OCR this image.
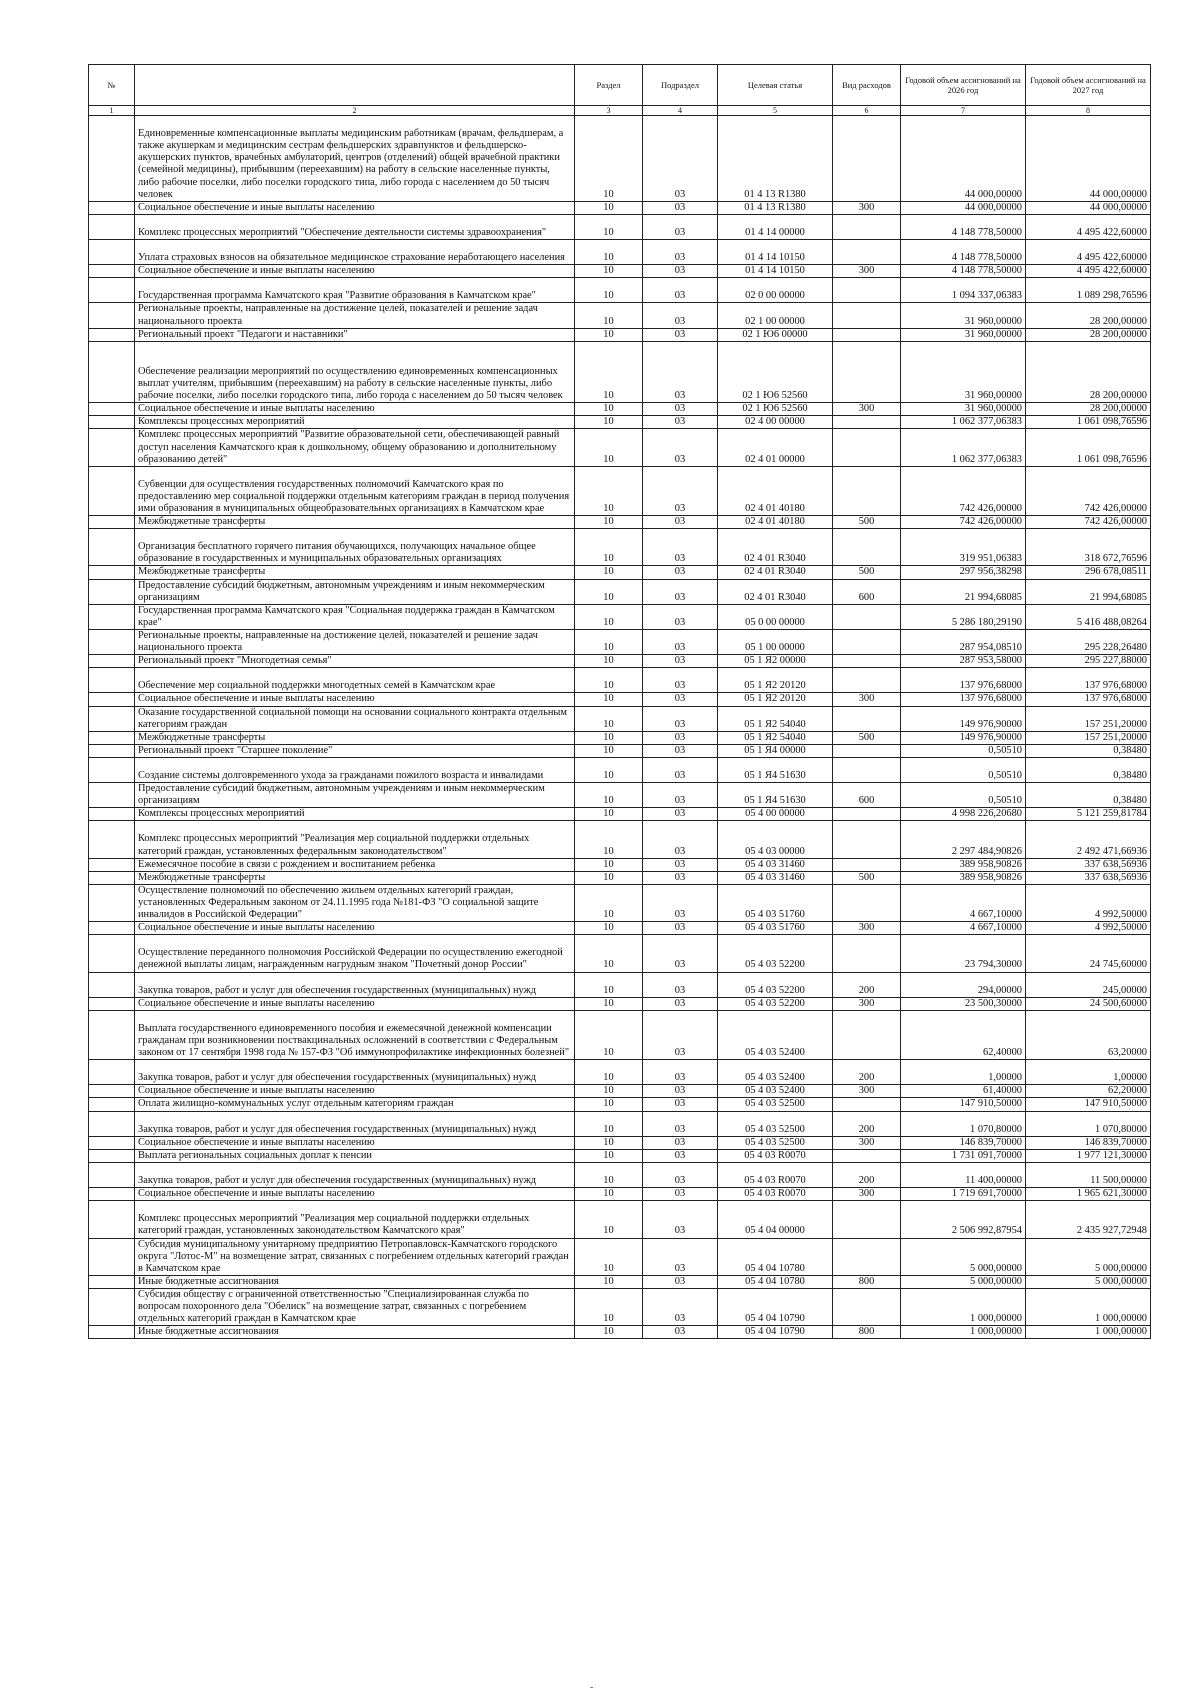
№		Раздел	Подраздел	Целевая статья	Вид расходов	Годовой объем ассигнований на 2026 год	Годовой объем ассигнований на 2027 год
1	2	3	4	5	6	7	8
	Единовременные компенсационные выплаты медицинским работникам (врачам, фельдшерам, а также акушеркам и медицинским сестрам фельдшерских здравпунктов и фельдшерско-акушерских пунктов, врачебных амбулаторий, центров (отделений) общей врачебной практики (семейной медицины), прибывшим (переехавшим) на работу в сельские населенные пункты, либо рабочие поселки, либо поселки городского типа, либо города с населением до 50 тысяч человек	10	03	01 4 13 R1380		44 000,00000	44 000,00000
	Социальное обеспечение и иные выплаты населению	10	03	01 4 13 R1380	300	44 000,00000	44 000,00000
	Комплекс процессных мероприятий "Обеспечение деятельности системы здравоохранения"	10	03	01 4 14 00000		4 148 778,50000	4 495 422,60000
	Уплата страховых взносов на обязательное медицинское страхование неработающего населения	10	03	01 4 14 10150		4 148 778,50000	4 495 422,60000
	Социальное обеспечение и иные выплаты населению	10	03	01 4 14 10150	300	4 148 778,50000	4 495 422,60000
	Государственная программа Камчатского края "Развитие образования в Камчатском крае"	10	03	02 0 00 00000		1 094 337,06383	1 089 298,76596
	Региональные проекты, направленные на достижение целей, показателей и решение задач национального проекта	10	03	02 1 00 00000		31 960,00000	28 200,00000
	Региональный проект "Педагоги и наставники"	10	03	02 1 Ю6 00000		31 960,00000	28 200,00000
	Обеспечение реализации мероприятий по осуществлению единовременных компенсационных выплат учителям, прибывшим (переехавшим) на работу в сельские населенные пункты, либо рабочие поселки, либо поселки городского типа, либо города с населением до 50 тысяч человек	10	03	02 1 Ю6 52560		31 960,00000	28 200,00000
	Социальное обеспечение и иные выплаты населению	10	03	02 1 Ю6 52560	300	31 960,00000	28 200,00000
	Комплексы процессных мероприятий	10	03	02 4 00 00000		1 062 377,06383	1 061 098,76596
	Комплекс процессных мероприятий "Развитие образовательной сети, обеспечивающей равный доступ населения Камчатского края к дошкольному, общему образованию и дополнительному образованию детей"	10	03	02 4 01 00000		1 062 377,06383	1 061 098,76596
	Субвенции для осуществления государственных полномочий Камчатского края по предоставлению мер социальной поддержки отдельным категориям граждан в период получения ими образования в муниципальных общеобразовательных организациях в Камчатском крае	10	03	02 4 01 40180		742 426,00000	742 426,00000
	Межбюджетные трансферты	10	03	02 4 01 40180	500	742 426,00000	742 426,00000
	Организация бесплатного горячего питания обучающихся, получающих начальное общее образование в государственных и муниципальных образовательных организациях	10	03	02 4 01 R3040		319 951,06383	318 672,76596
	Межбюджетные трансферты	10	03	02 4 01 R3040	500	297 956,38298	296 678,08511
	Предоставление субсидий бюджетным, автономным учреждениям и иным некоммерческим организациям	10	03	02 4 01 R3040	600	21 994,68085	21 994,68085
	Государственная программа Камчатского края "Социальная поддержка граждан в Камчатском крае"	10	03	05 0 00 00000		5 286 180,29190	5 416 488,08264
	Региональные проекты, направленные на достижение целей, показателей и решение задач национального проекта	10	03	05 1 00 00000		287 954,08510	295 228,26480
	Региональный проект "Многодетная семья"	10	03	05 1 Я2 00000		287 953,58000	295 227,88000
	Обеспечение мер социальной поддержки многодетных семей в Камчатском крае	10	03	05 1 Я2 20120		137 976,68000	137 976,68000
	Социальное обеспечение и иные выплаты населению	10	03	05 1 Я2 20120	300	137 976,68000	137 976,68000
	Оказание государственной социальной помощи на основании социального контракта отдельным категориям граждан	10	03	05 1 Я2 54040		149 976,90000	157 251,20000
	Межбюджетные трансферты	10	03	05 1 Я2 54040	500	149 976,90000	157 251,20000
	Региональный проект "Старшее поколение"	10	03	05 1 Я4 00000		0,50510	0,38480
	Создание системы долговременного ухода за гражданами пожилого возраста и инвалидами	10	03	05 1 Я4 51630		0,50510	0,38480
	Предоставление субсидий бюджетным, автономным учреждениям и иным некоммерческим организациям	10	03	05 1 Я4 51630	600	0,50510	0,38480
	Комплексы процессных мероприятий	10	03	05 4 00 00000		4 998 226,20680	5 121 259,81784
	Комплекс процессных мероприятий "Реализация мер социальной поддержки отдельных категорий граждан, установленных федеральным законодательством"	10	03	05 4 03 00000		2 297 484,90826	2 492 471,66936
	Ежемесячное пособие в связи с рождением и воспитанием ребенка	10	03	05 4 03 31460		389 958,90826	337 638,56936
	Межбюджетные трансферты	10	03	05 4 03 31460	500	389 958,90826	337 638,56936
	Осуществление полномочий по обеспечению жильем отдельных категорий граждан, установленных Федеральным законом от 24.11.1995 года №181-ФЗ "О социальной защите инвалидов в Российской Федерации"	10	03	05 4 03 51760		4 667,10000	4 992,50000
	Социальное обеспечение и иные выплаты населению	10	03	05 4 03 51760	300	4 667,10000	4 992,50000
	Осуществление переданного полномочия Российской Федерации по осуществлению ежегодной денежной выплаты лицам, награжденным нагрудным знаком "Почетный донор России"	10	03	05 4 03 52200		23 794,30000	24 745,60000
	Закупка товаров, работ и услуг для обеспечения государственных (муниципальных) нужд	10	03	05 4 03 52200	200	294,00000	245,00000
	Социальное обеспечение и иные выплаты населению	10	03	05 4 03 52200	300	23 500,30000	24 500,60000
	Выплата государственного единовременного пособия и ежемесячной денежной компенсации гражданам при возникновении поствакцинальных осложнений в соответствии с Федеральным законом от 17 сентября 1998 года № 157-ФЗ "Об иммунопрофилактике инфекционных болезней"	10	03	05 4 03 52400		62,40000	63,20000
	Закупка товаров, работ и услуг для обеспечения государственных (муниципальных) нужд	10	03	05 4 03 52400	200	1,00000	1,00000
	Социальное обеспечение и иные выплаты населению	10	03	05 4 03 52400	300	61,40000	62,20000
	Оплата жилищно-коммунальных услуг отдельным категориям граждан	10	03	05 4 03 52500		147 910,50000	147 910,50000
	Закупка товаров, работ и услуг для обеспечения государственных (муниципальных) нужд	10	03	05 4 03 52500	200	1 070,80000	1 070,80000
	Социальное обеспечение и иные выплаты населению	10	03	05 4 03 52500	300	146 839,70000	146 839,70000
	Выплата региональных социальных доплат к пенсии	10	03	05 4 03 R0070		1 731 091,70000	1 977 121,30000
	Закупка товаров, работ и услуг для обеспечения государственных (муниципальных) нужд	10	03	05 4 03 R0070	200	11 400,00000	11 500,00000
	Социальное обеспечение и иные выплаты населению	10	03	05 4 03 R0070	300	1 719 691,70000	1 965 621,30000
	Комплекс процессных мероприятий "Реализация мер социальной поддержки отдельных категорий граждан, установленных законодательством Камчатского края"	10	03	05 4 04 00000		2 506 992,87954	2 435 927,72948
	Субсидия муниципальному унитарному предприятию Петропавловск-Камчатского городского округа "Лотос-М" на возмещение затрат, связанных с погребением отдельных категорий граждан в Камчатском крае	10	03	05 4 04 10780		5 000,00000	5 000,00000
	Иные бюджетные ассигнования	10	03	05 4 04 10780	800	5 000,00000	5 000,00000
	Субсидия обществу с ограниченной ответственностью "Специализированная служба по вопросам похоронного дела "Обелиск" на возмещение затрат, связанных с погребением отдельных категорий граждан в Камчатском крае	10	03	05 4 04 10790		1 000,00000	1 000,00000
	Иные бюджетные ассигнования	10	03	05 4 04 10790	800	1 000,00000	1 000,00000
-
